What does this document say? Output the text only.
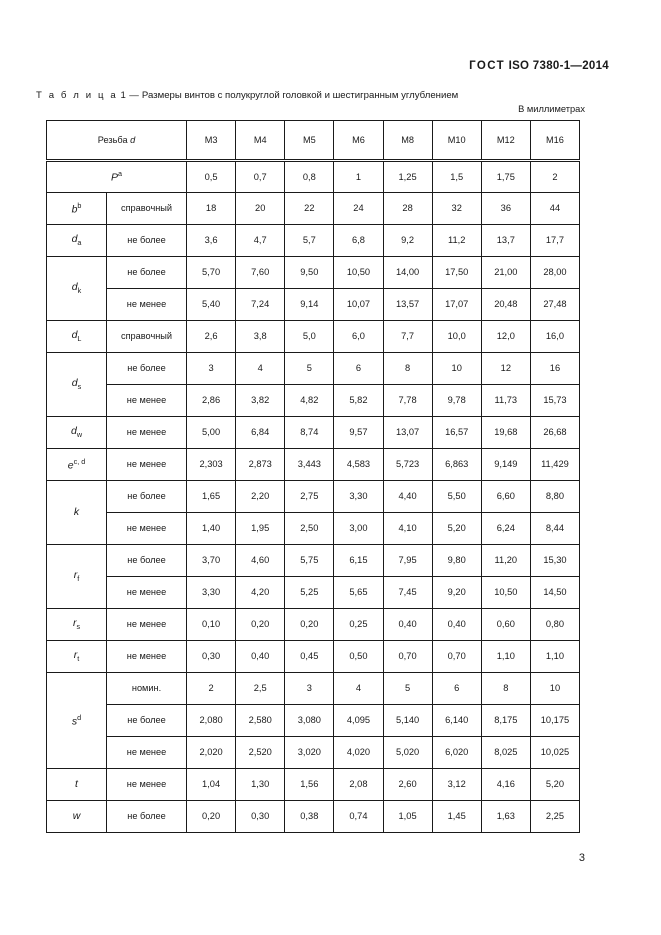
ГОСТ ISO 7380-1—2014
Т а б л и ц а 1 — Размеры винтов с полукруглой головкой и шестигранным углублением
В миллиметрах
Резьба d		M3	M4	M5	M6	M8	M10	M12	M16
$P^a$		0,5	0,7	0,8	1	1,25	1,5	1,75	2
$b^b$	справочный	18	20	22	24	28	32	36	44
$d_a$	не более	3,6	4,7	5,7	6,8	9,2	11,2	13,7	17,7
$d_k$	не более	5,70	7,60	9,50	10,50	14,00	17,50	21,00	28,00
	не менее	5,40	7,24	9,14	10,07	13,57	17,07	20,48	27,48
$d_L$	справочный	2,6	3,8	5,0	6,0	7,7	10,0	12,0	16,0
$d_s$	не более	3	4	5	6	8	10	12	16
	не менее	2,86	3,82	4,82	5,82	7,78	9,78	11,73	15,73
$d_w$	не менее	5,00	6,84	8,74	9,57	13,07	16,57	19,68	26,68
$e^{c, d}$	не менее	2,303	2,873	3,443	4,583	5,723	6,863	9,149	11,429
k	не более	1,65	2,20	2,75	3,30	4,40	5,50	6,60	8,80
	не менее	1,40	1,95	2,50	3,00	4,10	5,20	6,24	8,44
$r_f$	не более	3,70	4,60	5,75	6,15	7,95	9,80	11,20	15,30
	не менее	3,30	4,20	5,25	5,65	7,45	9,20	10,50	14,50
$r_s$	не менее	0,10	0,20	0,20	0,25	0,40	0,40	0,60	0,80
$r_t$	не менее	0,30	0,40	0,45	0,50	0,70	0,70	1,10	1,10
$s^d$	номин.	2	2,5	3	4	5	6	8	10
	не более	2,080	2,580	3,080	4,095	5,140	6,140	8,175	10,175
	не менее	2,020	2,520	3,020	4,020	5,020	6,020	8,025	10,025
t	не менее	1,04	1,30	1,56	2,08	2,60	3,12	4,16	5,20
w	не более	0,20	0,30	0,38	0,74	1,05	1,45	1,63	2,25
3
